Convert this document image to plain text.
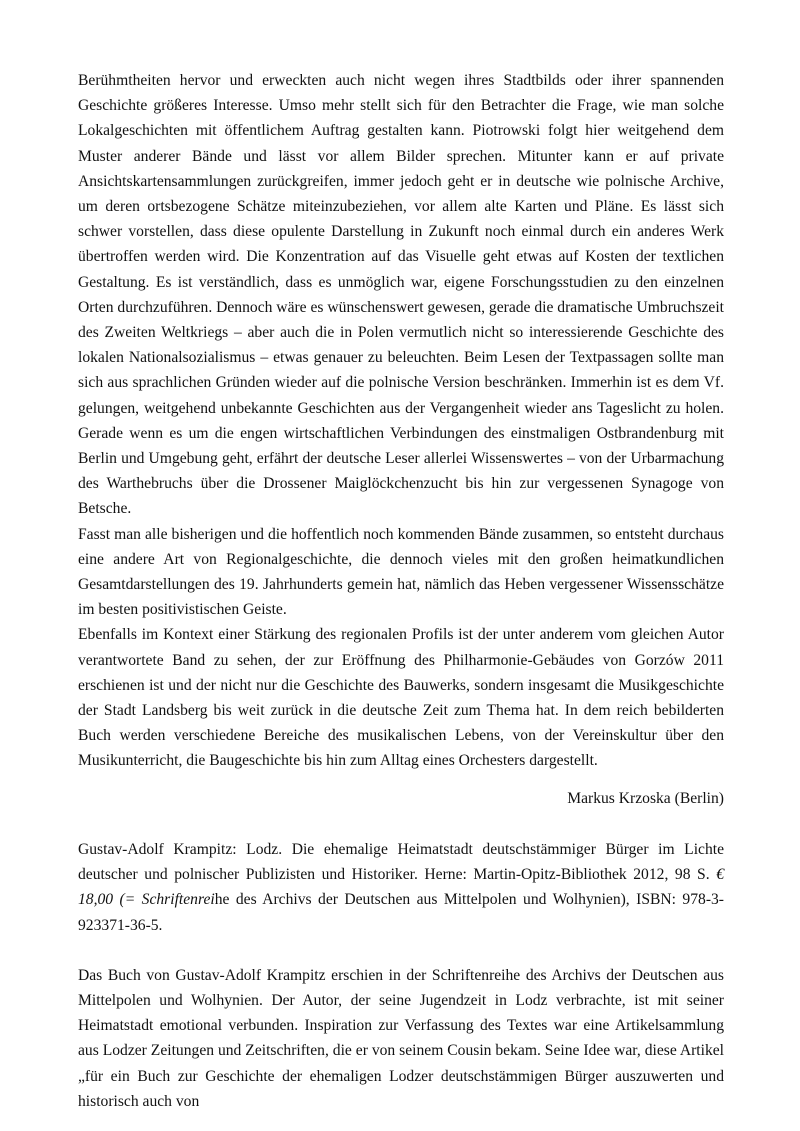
Berühmtheiten hervor und erweckten auch nicht wegen ihres Stadtbilds oder ihrer spannenden Geschichte größeres Interesse. Umso mehr stellt sich für den Betrachter die Frage, wie man solche Lokalgeschichten mit öffentlichem Auftrag gestalten kann. Piotrowski folgt hier weitgehend dem Muster anderer Bände und lässt vor allem Bilder sprechen. Mitunter kann er auf private Ansichtskartensammlungen zurückgreifen, immer jedoch geht er in deutsche wie polnische Archive, um deren ortsbezogene Schätze miteinzubeziehen, vor allem alte Karten und Pläne. Es lässt sich schwer vorstellen, dass diese opulente Darstellung in Zukunft noch einmal durch ein anderes Werk übertroffen werden wird. Die Konzentration auf das Visuelle geht etwas auf Kosten der textlichen Gestaltung. Es ist verständlich, dass es unmöglich war, eigene Forschungsstudien zu den einzelnen Orten durchzuführen. Dennoch wäre es wünschenswert gewesen, gerade die dramatische Umbruchszeit des Zweiten Weltkriegs – aber auch die in Polen vermutlich nicht so interessierende Geschichte des lokalen Nationalsozialismus – etwas genauer zu beleuchten. Beim Lesen der Textpassagen sollte man sich aus sprachlichen Gründen wieder auf die polnische Version beschränken. Immerhin ist es dem Vf. gelungen, weitgehend unbekannte Geschichten aus der Vergangenheit wieder ans Tageslicht zu holen. Gerade wenn es um die engen wirtschaftlichen Verbindungen des einstmaligen Ostbrandenburg mit Berlin und Umgebung geht, erfährt der deutsche Leser allerlei Wissenswertes – von der Urbarmachung des Warthebruchs über die Drossener Maiglöckchenzucht bis hin zur vergessenen Synagoge von Betsche.

Fasst man alle bisherigen und die hoffentlich noch kommenden Bände zusammen, so entsteht durchaus eine andere Art von Regionalgeschichte, die dennoch vieles mit den großen heimatkundlichen Gesamtdarstellungen des 19. Jahrhunderts gemein hat, nämlich das Heben vergessener Wissensschätze im besten positivistischen Geiste.

Ebenfalls im Kontext einer Stärkung des regionalen Profils ist der unter anderem vom gleichen Autor verantwortete Band zu sehen, der zur Eröffnung des Philharmonie-Gebäudes von Gorzów 2011 erschienen ist und der nicht nur die Geschichte des Bauwerks, sondern insgesamt die Musikgeschichte der Stadt Landsberg bis weit zurück in die deutsche Zeit zum Thema hat. In dem reich bebilderten Buch werden verschiedene Bereiche des musikalischen Lebens, von der Vereinskultur über den Musikunterricht, die Baugeschichte bis hin zum Alltag eines Orchesters dargestellt.

Markus Krzoska (Berlin)

Gustav-Adolf Krampitz: Lodz. Die ehemalige Heimatstadt deutschstämmiger Bürger im Lichte deutscher und polnischer Publizisten und Historiker. Herne: Martin-Opitz-Bibliothek 2012, 98 S. € 18,00 (= Schriftenreihe des Archivs der Deutschen aus Mittelpolen und Wolhynien), ISBN: 978-3-923371-36-5.

Das Buch von Gustav-Adolf Krampitz erschien in der Schriftenreihe des Archivs der Deutschen aus Mittelpolen und Wolhynien. Der Autor, der seine Jugendzeit in Lodz verbrachte, ist mit seiner Heimatstadt emotional verbunden. Inspiration zur Verfassung des Textes war eine Artikelsammlung aus Lodzer Zeitungen und Zeitschriften, die er von seinem Cousin bekam. Seine Idee war, diese Artikel „für ein Buch zur Geschichte der ehemaligen Lodzer deutschstämmigen Bürger auszuwerten und historisch auch von
